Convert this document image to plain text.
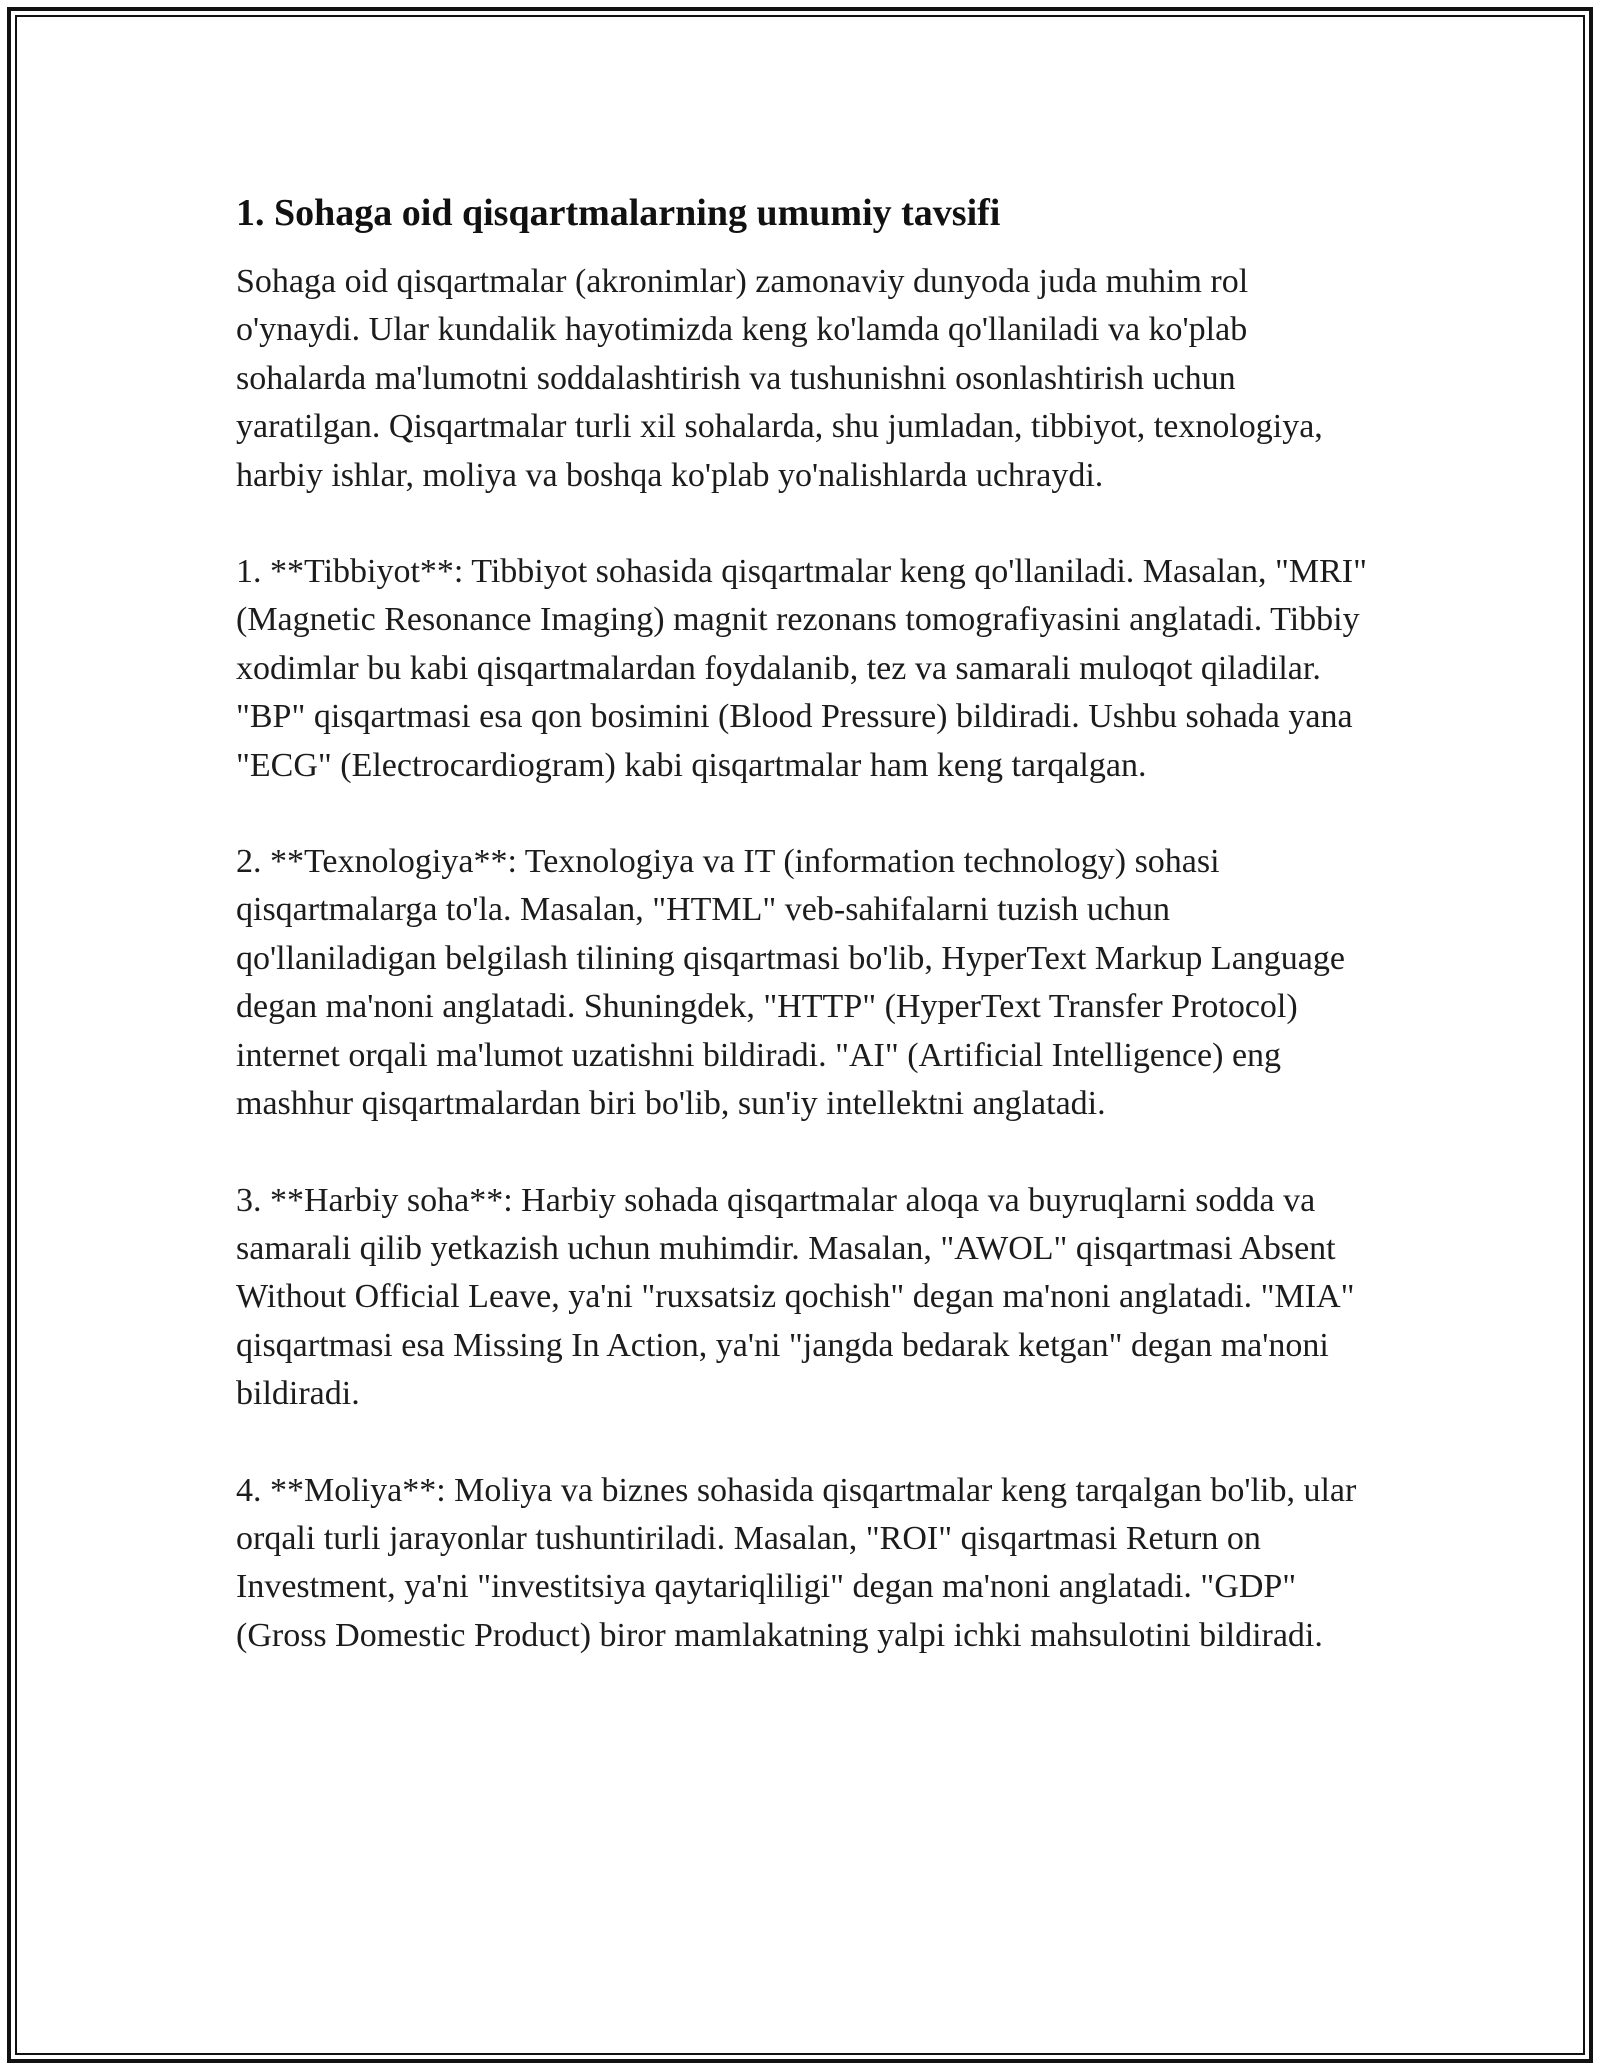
1. Sohaga oid qisqartmalarning umumiy tavsifi

Sohaga oid qisqartmalar (akronimlar) zamonaviy dunyoda juda muhim rol o'ynaydi. Ular kundalik hayotimizda keng ko'lamda qo'llaniladi va ko'plab sohalarda ma'lumotni soddalashtirish va tushunishni osonlashtirish uchun yaratilgan. Qisqartmalar turli xil sohalarda, shu jumladan, tibbiyot, texnologiya, harbiy ishlar, moliya va boshqa ko'plab yo'nalishlarda uchraydi.

1. **Tibbiyot**: Tibbiyot sohasida qisqartmalar keng qo'llaniladi. Masalan, "MRI" (Magnetic Resonance Imaging) magnit rezonans tomografiyasini anglatadi. Tibbiy xodimlar bu kabi qisqartmalardan foydalanib, tez va samarali muloqot qiladilar. "BP" qisqartmasi esa qon bosimini (Blood Pressure) bildiradi. Ushbu sohada yana "ECG" (Electrocardiogram) kabi qisqartmalar ham keng tarqalgan.

2. **Texnologiya**: Texnologiya va IT (information technology) sohasi qisqartmalarga to'la. Masalan, "HTML" veb-sahifalarni tuzish uchun qo'llaniladigan belgilash tilining qisqartmasi bo'lib, HyperText Markup Language degan ma'noni anglatadi. Shuningdek, "HTTP" (HyperText Transfer Protocol) internet orqali ma'lumot uzatishni bildiradi. "AI" (Artificial Intelligence) eng mashhur qisqartmalardan biri bo'lib, sun'iy intellektni anglatadi.

3. **Harbiy soha**: Harbiy sohada qisqartmalar aloqa va buyruqlarni sodda va samarali qilib yetkazish uchun muhimdir. Masalan, "AWOL" qisqartmasi Absent Without Official Leave, ya'ni "ruxsatsiz qochish" degan ma'noni anglatadi. "MIA" qisqartmasi esa Missing In Action, ya'ni "jangda bedarak ketgan" degan ma'noni bildiradi.

4. **Moliya**: Moliya va biznes sohasida qisqartmalar keng tarqalgan bo'lib, ular orqali turli jarayonlar tushuntiriladi. Masalan, "ROI" qisqartmasi Return on Investment, ya'ni "investitsiya qaytariqliligi" degan ma'noni anglatadi. "GDP" (Gross Domestic Product) biror mamlakatning yalpi ichki mahsulotini bildiradi.
